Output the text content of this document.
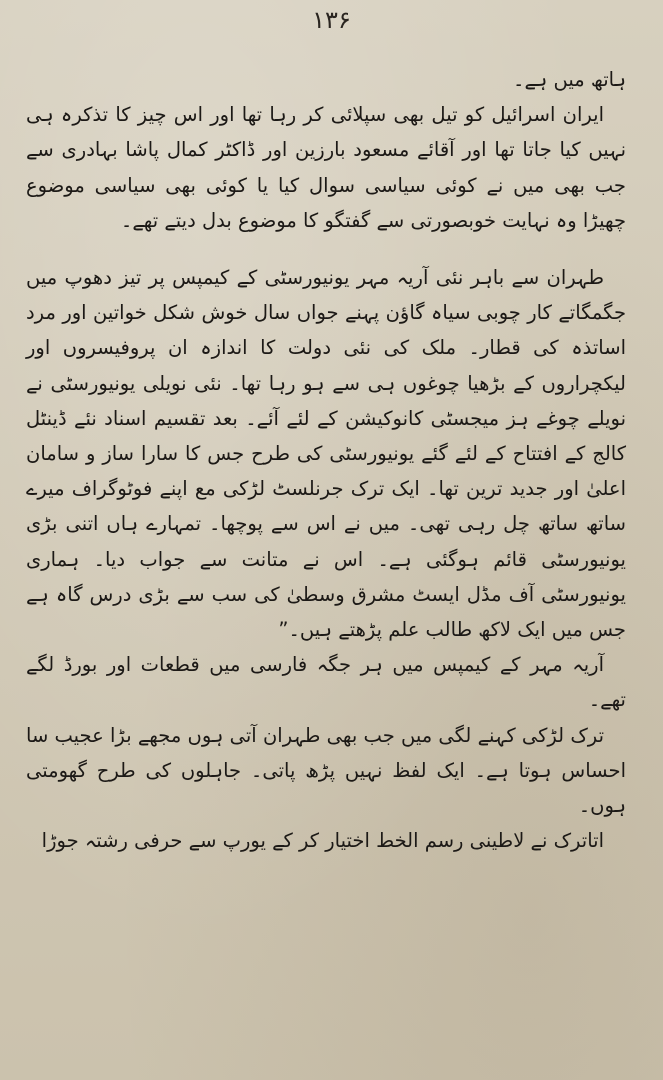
۱۳۶

ہاتھ میں ہے۔

ایران اسرائیل کو تیل بھی سپلائی کر رہا تھا اور اس چیز کا تذکرہ ہی نہیں کیا جاتا تھا اور آقائے مسعود بارزین اور ڈاکٹر کمال پاشا بہادری سے جب بھی میں نے کوئی سیاسی سوال کیا یا کوئی بھی سیاسی موضوع چھیڑا وہ نہایت خوبصورتی سے گفتگو کا موضوع بدل دیتے تھے۔

طہران سے باہر نئی آریہ مہر یونیورسٹی کے کیمپس پر تیز دھوپ میں جگمگاتے کار چوبی سیاہ گاؤن پہنے جواں سال خوش شکل خواتین اور مرد اساتذہ کی قطار۔ ملک کی نئی دولت کا اندازہ ان پروفیسروں اور لیکچراروں کے بڑھیا چوغوں ہی سے ہو رہا تھا۔ نئی نویلی یونیورسٹی نے نویلے چوغے ہز میجسٹی کانوکیشن کے لئے آئے۔ بعد تقسیم اسناد نئے ڈینٹل کالج کے افتتاح کے لئے گئے یونیورسٹی کی طرح جس کا سارا ساز و سامان اعلیٰ اور جدید ترین تھا۔ ایک ترک جرنلسٹ لڑکی مع اپنے فوٹوگراف میرے ساتھ ساتھ چل رہی تھی۔ میں نے اس سے پوچھا۔ تمہارے ہاں اتنی بڑی یونیورسٹی قائم ہوگئی ہے۔ اس نے متانت سے جواب دیا۔ ہماری یونیورسٹی آف مڈل ایسٹ مشرق وسطیٰ کی سب سے بڑی درس گاہ ہے جس میں ایک لاکھ طالب علم پڑھتے ہیں۔”

آریہ مہر کے کیمپس میں ہر جگہ فارسی میں قطعات اور بورڈ لگے تھے۔

ترک لڑکی کہنے لگی میں جب بھی طہران آتی ہوں مجھے بڑا عجیب سا احساس ہوتا ہے۔ ایک لفظ نہیں پڑھ پاتی۔ جاہلوں کی طرح گھومتی ہوں۔

اتاترک نے لاطینی رسم الخط اختیار کر کے یورپ سے حرفی رشتہ جوڑا
